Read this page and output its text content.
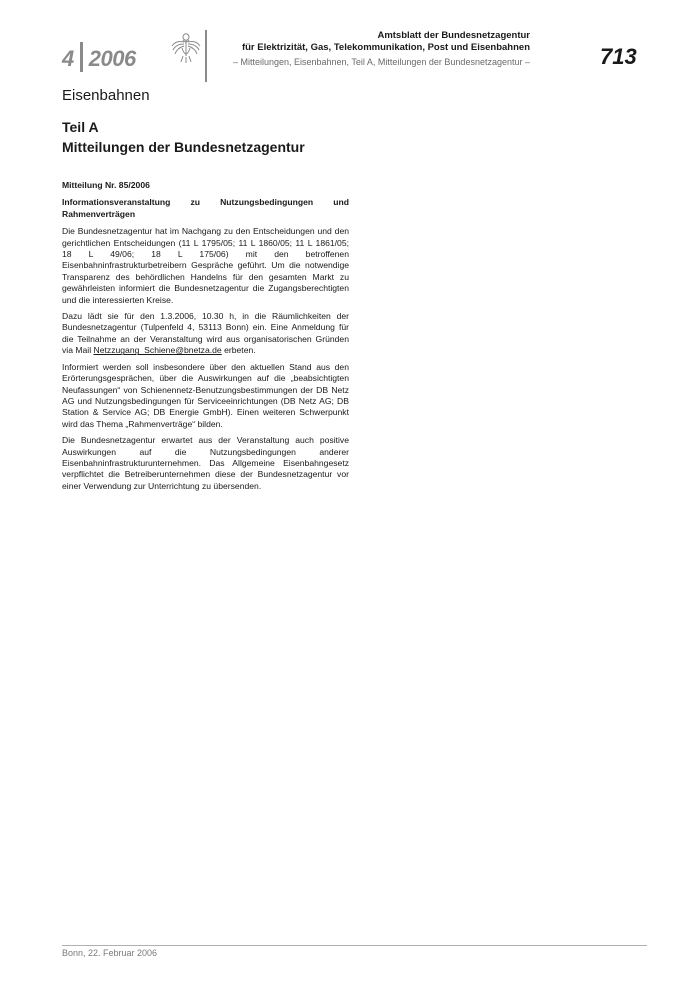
4 2006
Amtsblatt der Bundesnetzagentur
für Elektrizität, Gas, Telekommunikation, Post und Eisenbahnen
– Mitteilungen, Eisenbahnen, Teil A, Mitteilungen der Bundesnetzagentur –	713
Eisenbahnen
Teil A
Mitteilungen der Bundesnetzagentur
Mitteilung Nr. 85/2006
Informationsveranstaltung zu Nutzungsbedingungen und Rahmenverträgen

Die Bundesnetzagentur hat im Nachgang zu den Entscheidungen und den gerichtlichen Entscheidungen (11 L 1795/05; 11 L 1860/05; 11 L 1861/05; 18 L 49/06; 18 L 175/06) mit den betroffenen Eisenbahninfrastrukturbetreibern Gespräche geführt. Um die notwendige Transparenz des behördlichen Handelns für den gesamten Markt zu gewährleisten informiert die Bundesnetzagentur die Zugangsberechtigten und die interessierten Kreise.

Dazu lädt sie für den 1.3.2006, 10.30 h, in die Räumlichkeiten der Bundesnetzagentur (Tulpenfeld 4, 53113 Bonn) ein. Eine Anmeldung für die Teilnahme an der Veranstaltung wird aus organisatorischen Gründen via Mail Netzzugang_Schiene@bnetza.de erbeten.

Informiert werden soll insbesondere über den aktuellen Stand aus den Erörterungsgesprächen, über die Auswirkungen auf die „beabsichtigten Neufassungen“ von Schienennetz-Benutzungsbestimmungen der DB Netz AG und Nutzungsbedingungen für Serviceeinrichtungen (DB Netz AG; DB Station & Service AG; DB Energie GmbH). Einen weiteren Schwerpunkt wird das Thema „Rahmenverträge“ bilden.

Die Bundesnetzagentur erwartet aus der Veranstaltung auch positive Auswirkungen auf die Nutzungsbedingungen anderer Eisenbahninfrastrukturunternehmen. Das Allgemeine Eisenbahngesetz verpflichtet die Betreiberunternehmen diese der Bundesnetzagentur vor einer Verwendung zur Unterrichtung zu übersenden.

Bonn, 22. Februar 2006
